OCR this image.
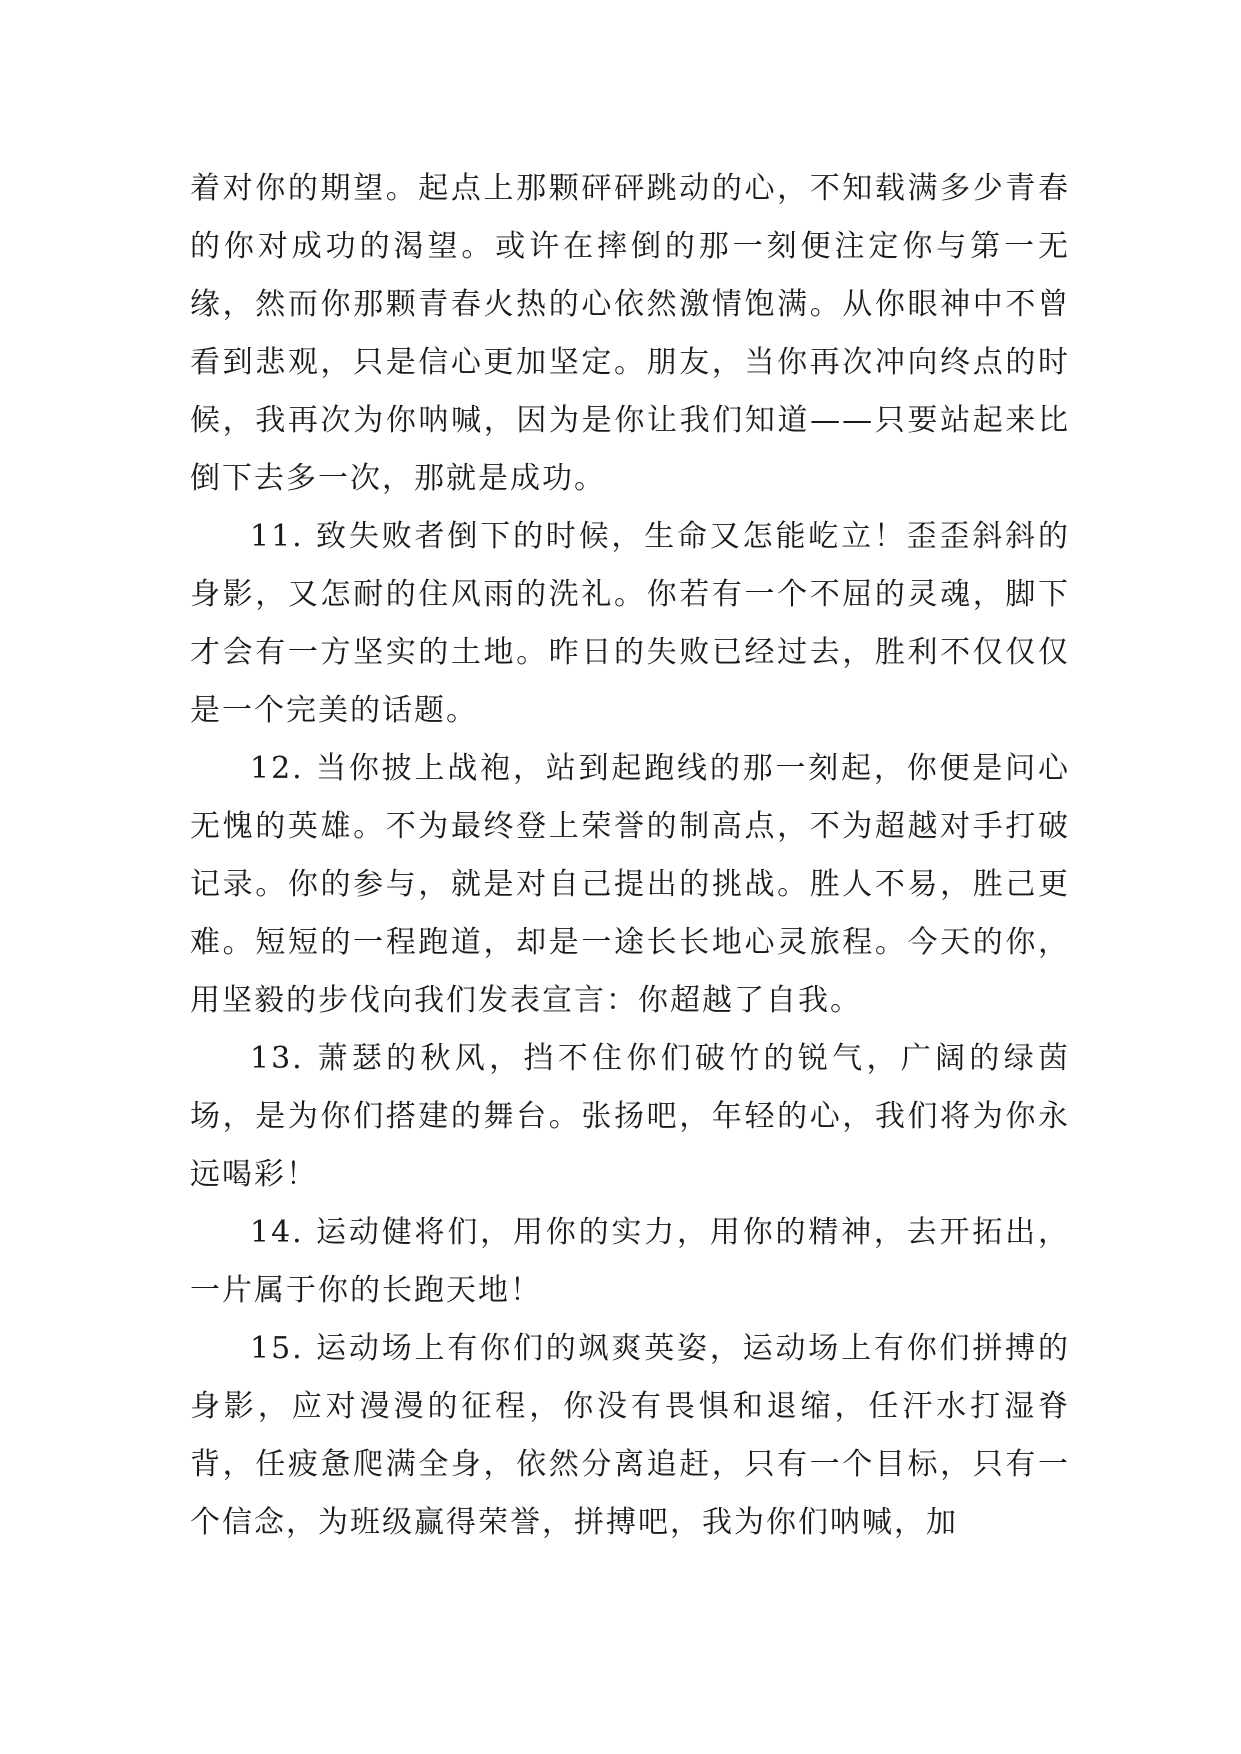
着对你的期望。起点上那颗砰砰跳动的心，不知载满多少青春的你对成功的渴望。或许在摔倒的那一刻便注定你与第一无缘，然而你那颗青春火热的心依然激情饱满。从你眼神中不曾看到悲观，只是信心更加坚定。朋友，当你再次冲向终点的时候，我再次为你呐喊，因为是你让我们知道——只要站起来比倒下去多一次，那就是成功。

11. 致失败者倒下的时候，生命又怎能屹立！歪歪斜斜的身影，又怎耐的住风雨的洗礼。你若有一个不屈的灵魂，脚下才会有一方坚实的土地。昨日的失败已经过去，胜利不仅仅仅是一个完美的话题。

12. 当你披上战袍，站到起跑线的那一刻起，你便是问心无愧的英雄。不为最终登上荣誉的制高点，不为超越对手打破记录。你的参与，就是对自己提出的挑战。胜人不易，胜己更难。短短的一程跑道，却是一途长长地心灵旅程。今天的你，用坚毅的步伐向我们发表宣言：你超越了自我。

13. 萧瑟的秋风，挡不住你们破竹的锐气，广阔的绿茵场，是为你们搭建的舞台。张扬吧，年轻的心，我们将为你永远喝彩！

14. 运动健将们，用你的实力，用你的精神，去开拓出，一片属于你的长跑天地！

15. 运动场上有你们的飒爽英姿，运动场上有你们拼搏的身影，应对漫漫的征程，你没有畏惧和退缩，任汗水打湿脊背，任疲惫爬满全身，依然分离追赶，只有一个目标，只有一个信念，为班级赢得荣誉，拼搏吧，我为你们呐喊，加
